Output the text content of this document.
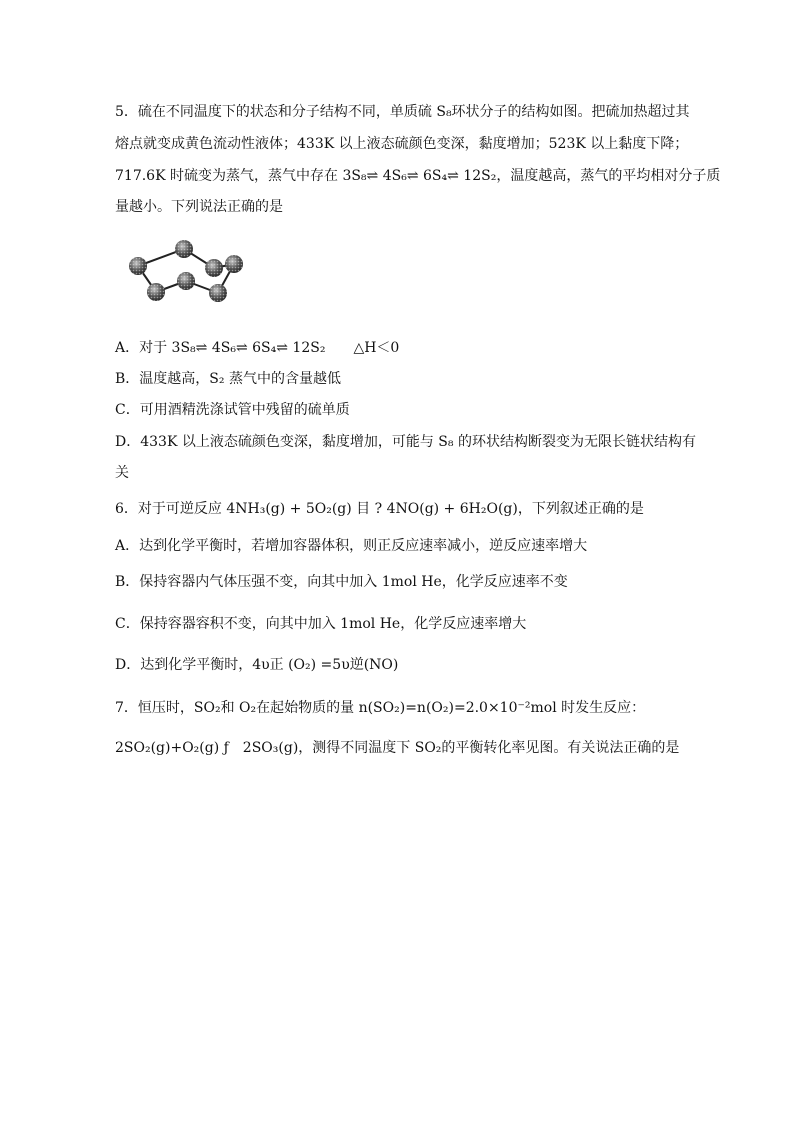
5．硫在不同温度下的状态和分子结构不同，单质硫 S₈环状分子的结构如图。把硫加热超过其
熔点就变成黄色流动性液体；433K 以上液态硫颜色变深，黏度增加；523K 以上黏度下降；
717.6K 时硫变为蒸气，蒸气中存在 3S₈⇌ 4S₆⇌ 6S₄⇌ 12S₂，温度越高，蒸气的平均相对分子质
量越小。下列说法正确的是
A．对于 3S₈⇌ 4S₆⇌ 6S₄⇌ 12S₂　　△H＜0
B．温度越高，S₂ 蒸气中的含量越低
C．可用酒精洗涤试管中残留的硫单质
D．433K 以上液态硫颜色变深，黏度增加，可能与 S₈ 的环状结构断裂变为无限长链状结构有
关
6．对于可逆反应 4NH₃(g) + 5O₂(g) 目 ? 4NO(g) + 6H₂O(g)，下列叙述正确的是
A．达到化学平衡时，若增加容器体积，则正反应速率减小，逆反应速率增大
B．保持容器内气体压强不变，向其中加入 1mol He，化学反应速率不变
C．保持容器容积不变，向其中加入 1mol He，化学反应速率增大
D．达到化学平衡时，4υ正 (O₂) =5υ逆(NO)
7．恒压时，SO₂和 O₂在起始物质的量 n(SO₂)=n(O₂)=2.0×10⁻²mol 时发生反应：
2SO₂(g)+O₂(g) ƒ　2SO₃(g)，测得不同温度下 SO₂的平衡转化率见图。有关说法正确的是
